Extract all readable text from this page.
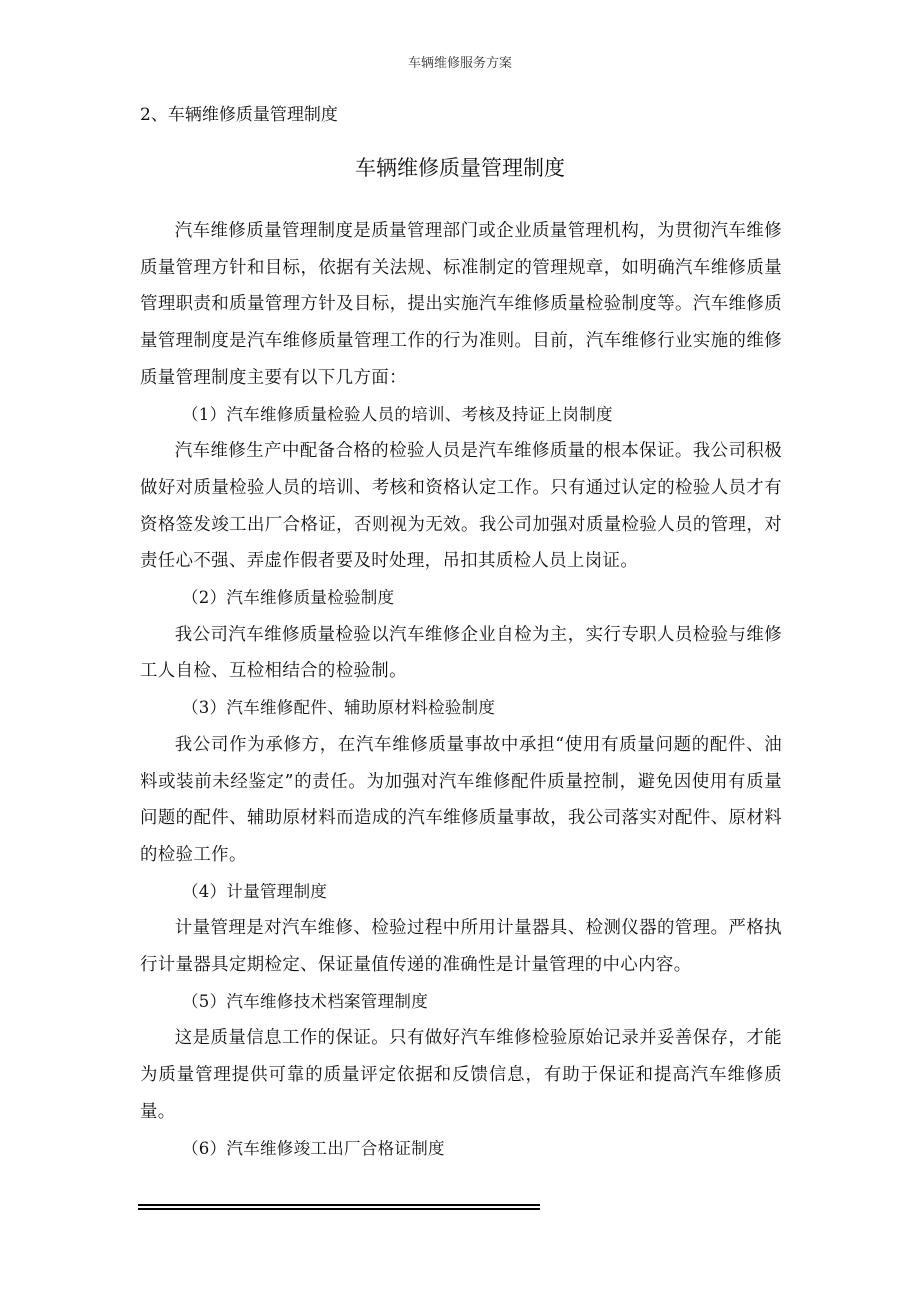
车辆维修服务方案
2、车辆维修质量管理制度
车辆维修质量管理制度

汽车维修质量管理制度是质量管理部门或企业质量管理机构，为贯彻汽车维修质量管理方针和目标，依据有关法规、标准制定的管理规章，如明确汽车维修质量管理职责和质量管理方针及目标，提出实施汽车维修质量检验制度等。汽车维修质量管理制度是汽车维修质量管理工作的行为准则。目前，汽车维修行业实施的维修质量管理制度主要有以下几方面：

（1）汽车维修质量检验人员的培训、考核及持证上岗制度

汽车维修生产中配备合格的检验人员是汽车维修质量的根本保证。我公司积极做好对质量检验人员的培训、考核和资格认定工作。只有通过认定的检验人员才有资格签发竣工出厂合格证，否则视为无效。我公司加强对质量检验人员的管理，对责任心不强、弄虚作假者要及时处理，吊扣其质检人员上岗证。

（2）汽车维修质量检验制度

我公司汽车维修质量检验以汽车维修企业自检为主，实行专职人员检验与维修工人自检、互检相结合的检验制。

（3）汽车维修配件、辅助原材料检验制度

我公司作为承修方，在汽车维修质量事故中承担“使用有质量问题的配件、油料或装前未经鉴定”的责任。为加强对汽车维修配件质量控制，避免因使用有质量问题的配件、辅助原材料而造成的汽车维修质量事故，我公司落实对配件、原材料的检验工作。

（4）计量管理制度

计量管理是对汽车维修、检验过程中所用计量器具、检测仪器的管理。严格执行计量器具定期检定、保证量值传递的准确性是计量管理的中心内容。

（5）汽车维修技术档案管理制度

这是质量信息工作的保证。只有做好汽车维修检验原始记录并妥善保存，才能为质量管理提供可靠的质量评定依据和反馈信息，有助于保证和提高汽车维修质量。

（6）汽车维修竣工出厂合格证制度
